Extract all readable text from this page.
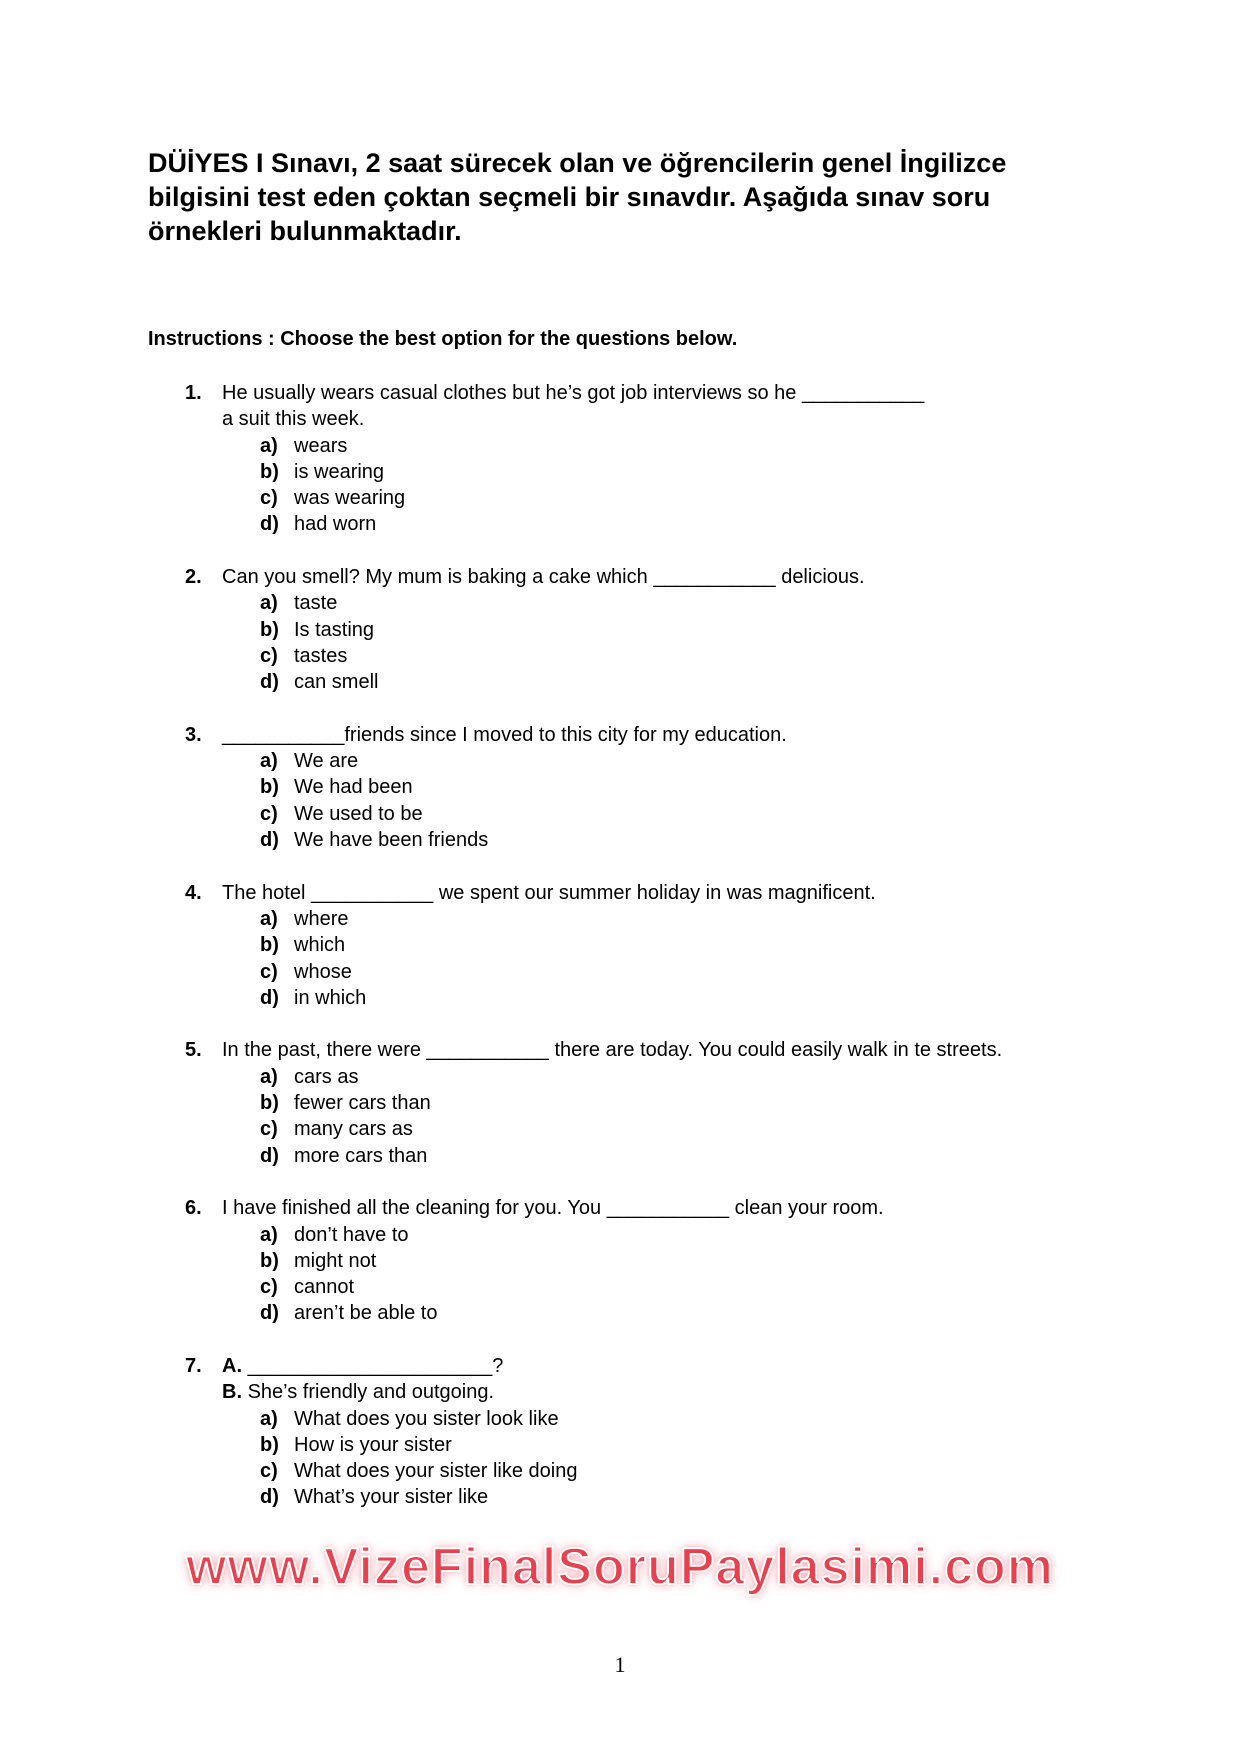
DÜİYES I Sınavı, 2 saat sürecek olan ve öğrencilerin genel İngilizce bilgisini test eden çoktan seçmeli bir sınavdır. Aşağıda sınav soru örnekleri bulunmaktadır.

Instructions : Choose the best option for the questions below.

1.	He usually wears casual clothes but he’s got job interviews so he ___________
a suit this week.
a) wears
b) is wearing
c) was wearing
d) had worn
2.	Can you smell? My mum is baking a cake which ___________ delicious.
a) taste
b) Is tasting
c) tastes
d) can smell
3.	___________friends since I moved to this city for my education.
a) We are
b) We had been
c) We used to be
d) We have been friends
4.	The hotel ___________ we spent our summer holiday in was magnificent.
a) where
b) which
c) whose
d) in which
5.	In the past, there were ___________ there are today. You could easily walk in te streets.
a) cars as
b) fewer cars than
c) many cars as
d) more cars than
6.	I have finished all the cleaning for you. You ___________ clean your room.
a) don’t have to
b) might not
c) cannot
d) aren’t be able to
7.	A. ______________________?
B. She’s friendly and outgoing.
a) What does you sister look like
b) How is your sister
c) What does your sister like doing
d) What’s your sister like
www.VizeFinalSoruPaylasimi.com
1
